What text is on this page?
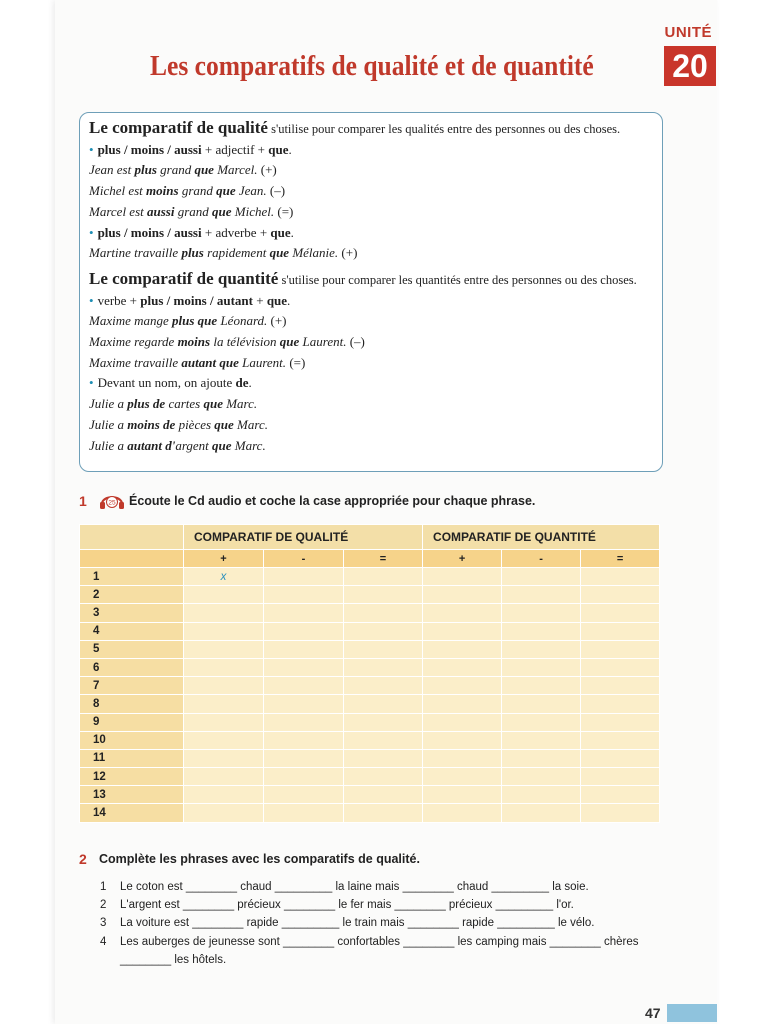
UNITÉ
20
Les comparatifs de qualité et de quantité
Le comparatif de qualité s'utilise pour comparer les qualités entre des personnes ou des choses.
• plus / moins / aussi + adjectif + que.
Jean est plus grand que Marcel. (+)
Michel est moins grand que Jean. (–)
Marcel est aussi grand que Michel. (=)
• plus / moins / aussi + adverbe + que.
Martine travaille plus rapidement que Mélanie. (+)
Le comparatif de quantité s'utilise pour comparer les quantités entre des personnes ou des choses.
• verbe + plus / moins / autant + que.
Maxime mange plus que Léonard. (+)
Maxime regarde moins la télévision que Laurent. (–)
Maxime travaille autant que Laurent. (=)
• Devant un nom, on ajoute de.
Julie a plus de cartes que Marc.
Julie a moins de pièces que Marc.
Julie a autant d'argent que Marc.
1	25 Écoute le Cd audio et coche la case appropriée pour chaque phrase.
	COMPARATIF DE QUALITÉ			COMPARATIF DE QUANTITÉ		
	+	-	=	+	-	=
1	x					
2						
3						
4						
5						
6						
7						
8						
9						
10						
11						
12						
13						
14						
2 Complète les phrases avec les comparatifs de qualité.
1 Le coton est ________ chaud _________ la laine mais ________ chaud _________ la soie.
2 L'argent est ________ précieux ________ le fer mais ________ précieux _________ l'or.
3 La voiture est ________ rapide _________ le train mais ________ rapide _________ le vélo.
4 Les auberges de jeunesse sont ________ confortables ________ les camping mais ________ chères
________ les hôtels.
47
